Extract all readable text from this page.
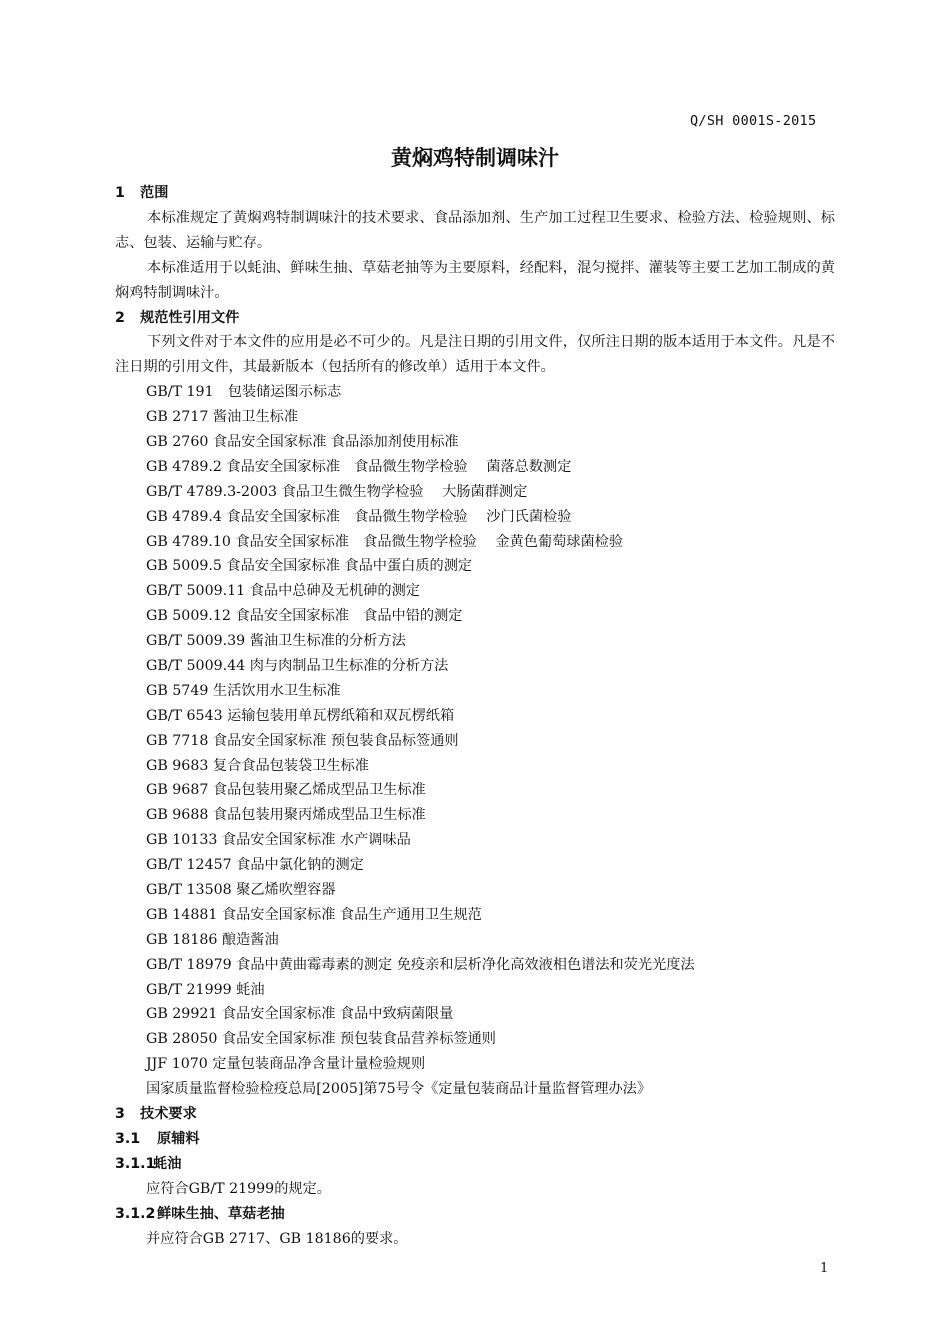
Q/SH 0001S-2015
黄焖鸡特制调味汁
1 范围
本标准规定了黄焖鸡特制调味汁的技术要求、食品添加剂、生产加工过程卫生要求、检验方法、检验规则、标志、包装、运输与贮存。
本标准适用于以蚝油、鲜味生抽、草菇老抽等为主要原料，经配料，混匀搅拌、灌装等主要工艺加工制成的黄焖鸡特制调味汁。
2 规范性引用文件
下列文件对于本文件的应用是必不可少的。凡是注日期的引用文件，仅所注日期的版本适用于本文件。凡是不注日期的引用文件，其最新版本（包括所有的修改单）适用于本文件。
GB/T 191　包装储运图示标志
GB 2717 酱油卫生标准
GB 2760 食品安全国家标准 食品添加剂使用标准
GB 4789.2 食品安全国家标准　食品微生物学检验　 菌落总数测定
GB/T 4789.3-2003 食品卫生微生物学检验　 大肠菌群测定
GB 4789.4 食品安全国家标准　食品微生物学检验　 沙门氏菌检验
GB 4789.10 食品安全国家标准　食品微生物学检验　 金黄色葡萄球菌检验
GB 5009.5 食品安全国家标准 食品中蛋白质的测定
GB/T 5009.11 食品中总砷及无机砷的测定
GB 5009.12 食品安全国家标准　食品中铅的测定
GB/T 5009.39 酱油卫生标准的分析方法
GB/T 5009.44 肉与肉制品卫生标准的分析方法
GB 5749 生活饮用水卫生标准
GB/T 6543 运输包装用单瓦楞纸箱和双瓦楞纸箱
GB 7718 食品安全国家标准 预包装食品标签通则
GB 9683 复合食品包装袋卫生标准
GB 9687 食品包装用聚乙烯成型品卫生标准
GB 9688 食品包装用聚丙烯成型品卫生标准
GB 10133 食品安全国家标准 水产调味品
GB/T 12457 食品中氯化钠的测定
GB/T 13508 聚乙烯吹塑容器
GB 14881 食品安全国家标准 食品生产通用卫生规范
GB 18186 酿造酱油
GB/T 18979 食品中黄曲霉毒素的测定 免疫亲和层析净化高效液相色谱法和荧光光度法
GB/T 21999 蚝油
GB 29921 食品安全国家标准 食品中致病菌限量
GB 28050 食品安全国家标准 预包装食品营养标签通则
JJF 1070 定量包装商品净含量计量检验规则
国家质量监督检验检疫总局[2005]第75号令《定量包装商品计量监督管理办法》
3 技术要求
3.1 原辅料
3.1.1蚝油
应符合GB/T 21999的规定。
3.1.2 鲜味生抽、草菇老抽
并应符合GB 2717、GB 18186的要求。
1
